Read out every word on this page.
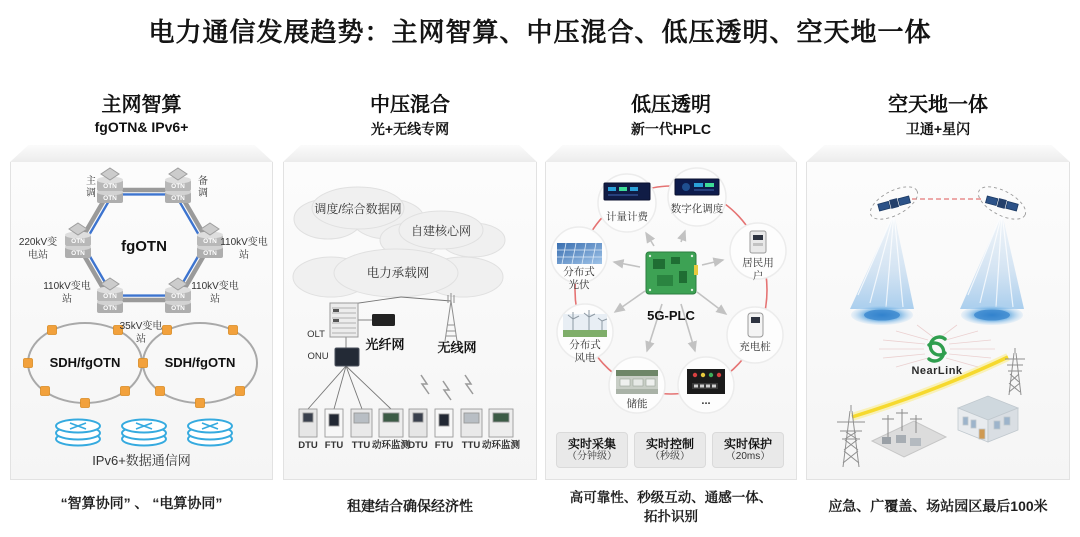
电力通信发展趋势：主网智算、中压混合、低压透明、空天地一体
主网智算
fgOTN& IPv6+
中压混合
光+无线专网
低压透明
新一代HPLC
空天地一体
卫通+星闪
OTN
OTN
OTN
OTN
OTN
OTN
OTN
OTN
OTN
OTN
OTN
OTN
主调	备调
fgOTN
220kV变电站
110kV变电站
110kV变电站
110kV变电站
35kV变电站
SDH/fgOTN	SDH/fgOTN
IPv6+数据通信网
“智算协同” 、 “电算协同”
调度/综合数据网
自建核心网
电力承载网
OLT
ONU
光纤网	无线网
DTU FTU TTU 动环监测
DTU FTU TTU 动环监测
租建结合确保经济性
计量计费
数字化调度
居民用户
充电桩
...
储能
分布式风电
分布式光伏
5G-PLC
实时采集
（分钟级）
实时控制
（秒级）
实时保护
（20ms）
高可靠性、秒级互动、通感一体、拓扑识别
NearLink
应急、广覆盖、场站园区最后100米
